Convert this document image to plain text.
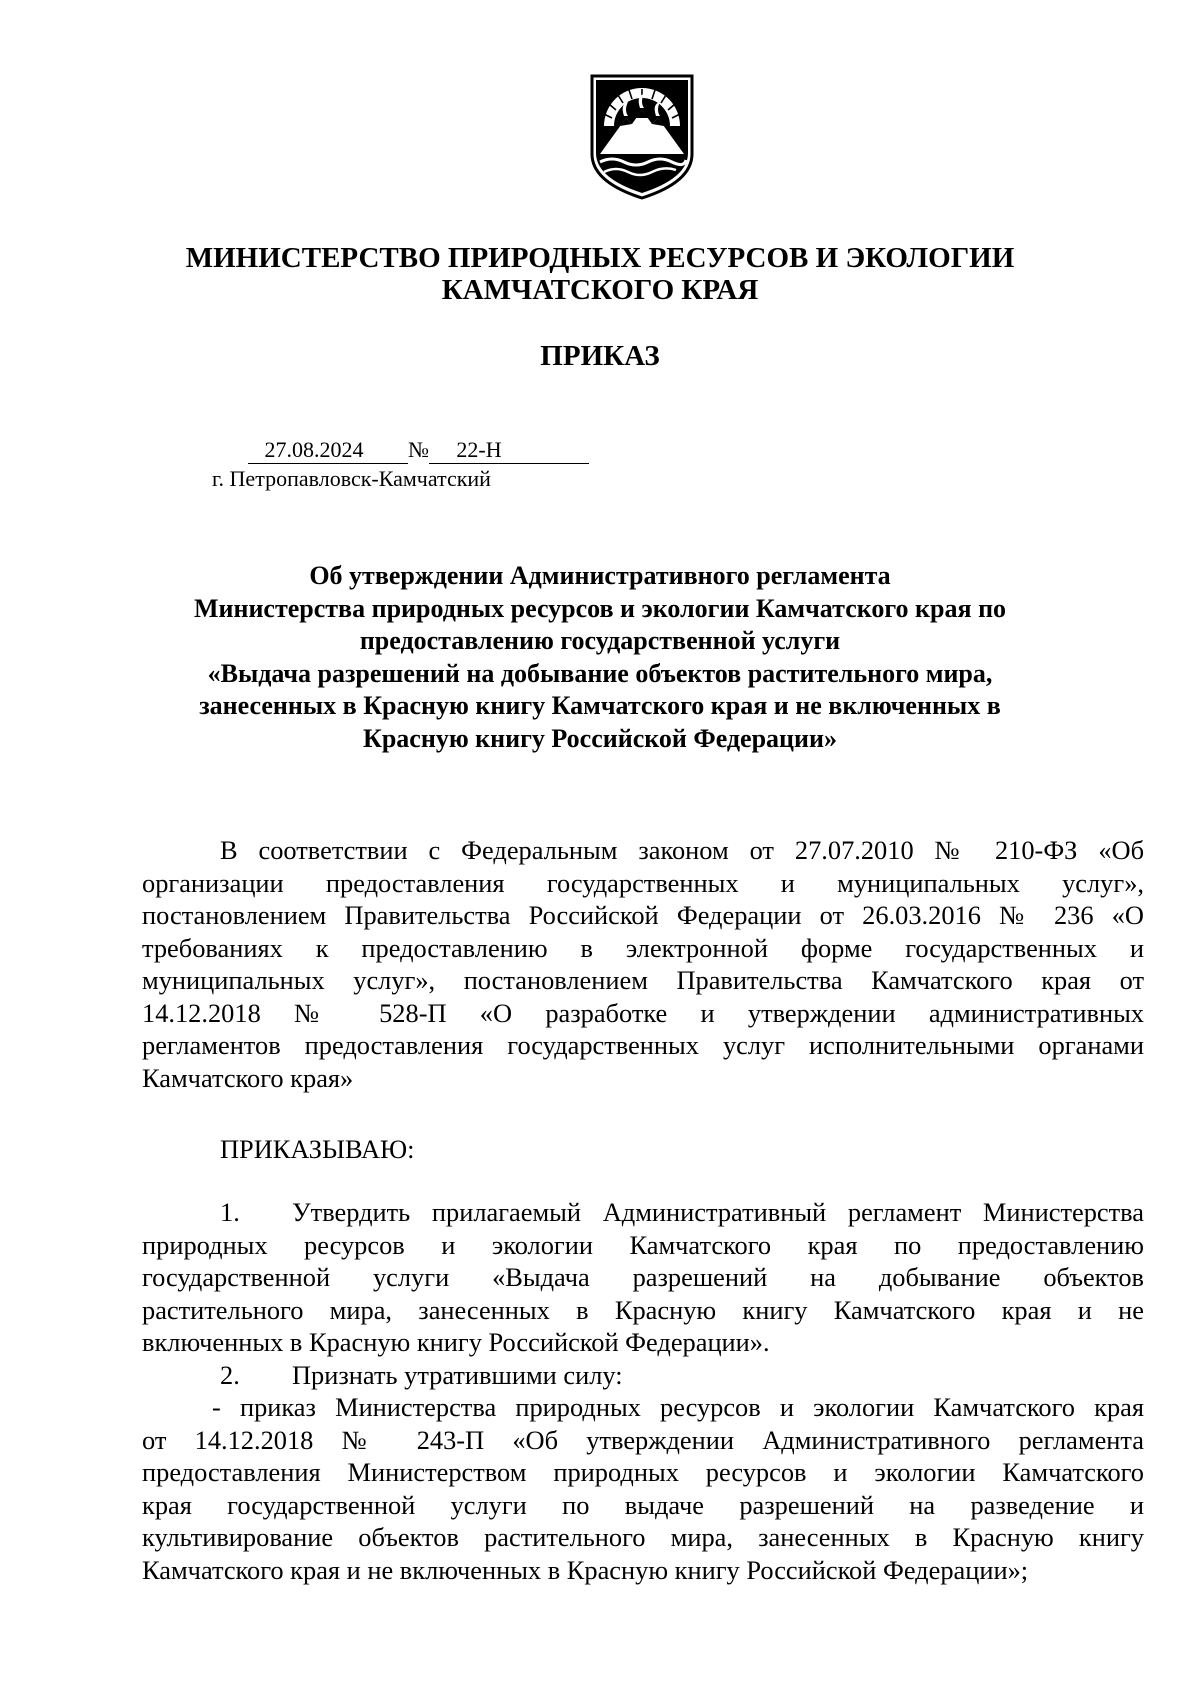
МИНИСТЕРСТВО ПРИРОДНЫХ РЕСУРСОВ И ЭКОЛОГИИ
КАМЧАТСКОГО КРАЯ
ПРИКАЗ
27.08.2024 № 22-Н
г. Петропавловск-Камчатский
Об утверждении Административного регламента
Министерства природных ресурсов и экологии Камчатского края по
предоставлению государственной услуги
«Выдача разрешений на добывание объектов растительного мира,
занесенных в Красную книгу Камчатского края и не включенных в
Красную книгу Российской Федерации»
В соответствии с Федеральным законом от 27.07.2010 № 210-ФЗ «Об
организации предоставления государственных и муниципальных услуг»,
постановлением Правительства Российской Федерации от 26.03.2016 № 236 «О
требованиях к предоставлению в электронной форме государственных и
муниципальных услуг», постановлением Правительства Камчатского края от
14.12.2018 № 528-П «О разработке и утверждении административных
регламентов предоставления государственных услуг исполнительными органами
Камчатского края»
ПРИКАЗЫВАЮ:
1. Утвердить прилагаемый Административный регламент Министерства
природных ресурсов и экологии Камчатского края по предоставлению
государственной услуги «Выдача разрешений на добывание объектов
растительного мира, занесенных в Красную книгу Камчатского края и не
включенных в Красную книгу Российской Федерации».
2. Признать утратившими силу:
- приказ Министерства природных ресурсов и экологии Камчатского края
от 14.12.2018 № 243-П «Об утверждении Административного регламента
предоставления Министерством природных ресурсов и экологии Камчатского
края государственной услуги по выдаче разрешений на разведение и
культивирование объектов растительного мира, занесенных в Красную книгу
Камчатского края и не включенных в Красную книгу Российской Федерации»;
